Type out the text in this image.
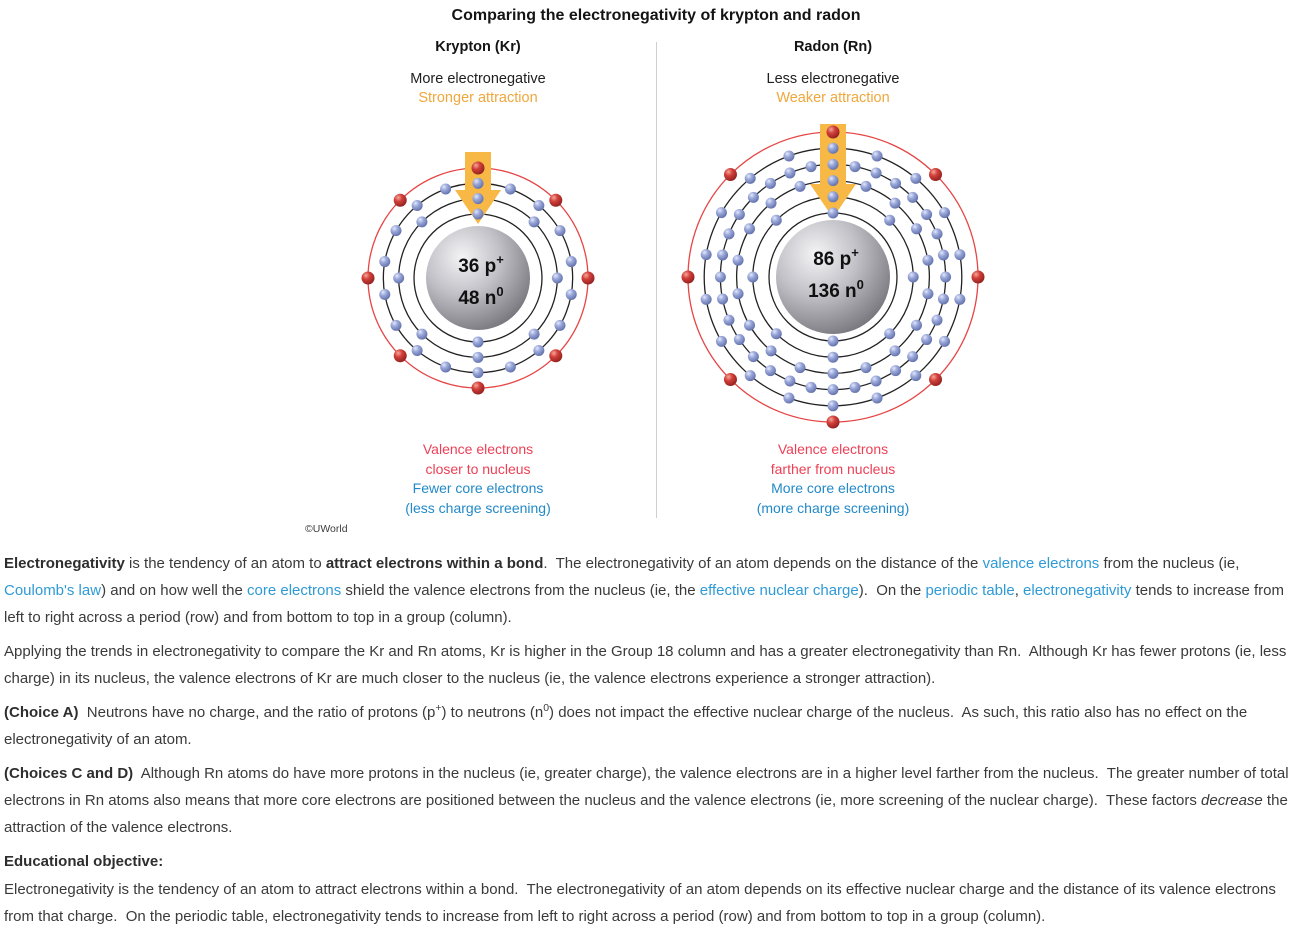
Comparing the electronegativity of krypton and radon
Krypton (Kr)
More electronegative
Stronger attraction
36 p+
48 $n^0$
Valence electrons
closer to nucleus
Fewer core electrons
(less charge screening)
Radon (Rn)
Less electronegative
Weaker attraction
86 p+
136 $n^0$
Valence electrons
farther from nucleus
More core electrons
(more charge screening)
©UWorld

Electronegativity is the tendency of an atom to attract electrons within a bond.  The electronegativity of an atom depends on the distance of the valence electrons from the nucleus (ie, Coulomb's law) and on how well the core electrons shield the valence electrons from the nucleus (ie, the effective nuclear charge).  On the periodic table, electronegativity tends to increase from left to right across a period (row) and from bottom to top in a group (column).

Applying the trends in electronegativity to compare the Kr and Rn atoms, Kr is higher in the Group 18 column and has a greater electronegativity than Rn.  Although Kr has fewer protons (ie, less charge) in its nucleus, the valence electrons of Kr are much closer to the nucleus (ie, the valence electrons experience a stronger attraction).

(Choice A)  Neutrons have no charge, and the ratio of protons (p+) to neutrons $(n^0)$ does not impact the effective nuclear charge of the nucleus.  As such, this ratio also has no effect on the electronegativity of an atom.

(Choices C and D)  Although Rn atoms do have more protons in the nucleus (ie, greater charge), the valence electrons are in a higher level farther from the nucleus.  The greater number of total electrons in Rn atoms also means that more core electrons are positioned between the nucleus and the valence electrons (ie, more screening of the nuclear charge).  These factors decrease the attraction of the valence electrons.

Educational objective:

Electronegativity is the tendency of an atom to attract electrons within a bond.  The electronegativity of an atom depends on its effective nuclear charge and the distance of its valence electrons from that charge.  On the periodic table, electronegativity tends to increase from left to right across a period (row) and from bottom to top in a group (column).
